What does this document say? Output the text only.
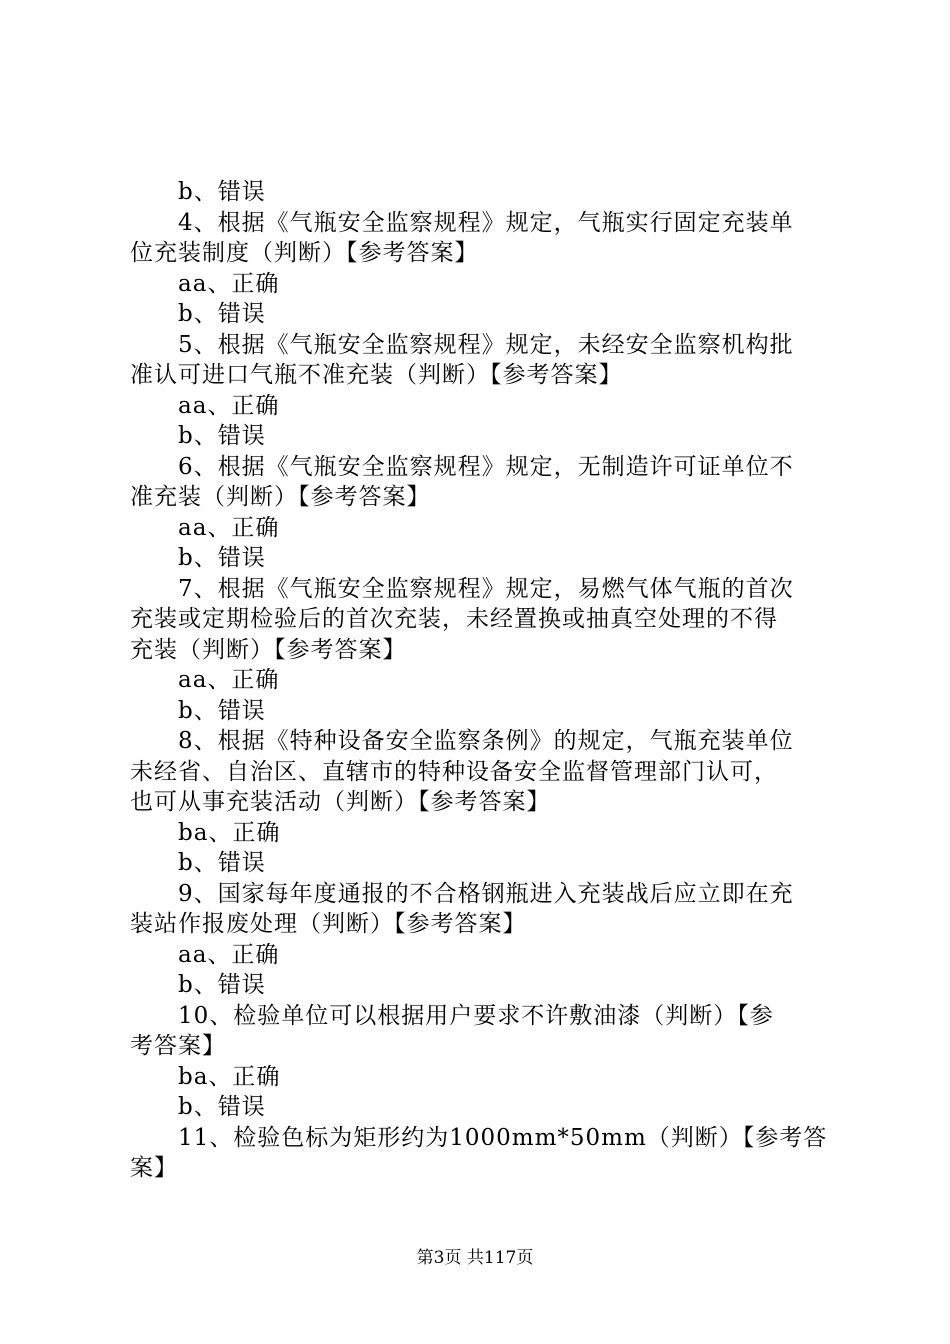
b、错误
4、根据《气瓶安全监察规程》规定，气瓶实行固定充装单
位充装制度（判断）【参考答案】
aa、正确
b、错误
5、根据《气瓶安全监察规程》规定，未经安全监察机构批
准认可进口气瓶不准充装（判断）【参考答案】
aa、正确
b、错误
6、根据《气瓶安全监察规程》规定，无制造许可证单位不
准充装（判断）【参考答案】
aa、正确
b、错误
7、根据《气瓶安全监察规程》规定，易燃气体气瓶的首次
充装或定期检验后的首次充装，未经置换或抽真空处理的不得
充装（判断）【参考答案】
aa、正确
b、错误
8、根据《特种设备安全监察条例》的规定，气瓶充装单位
未经省、自治区、直辖市的特种设备安全监督管理部门认可，
也可从事充装活动（判断）【参考答案】
ba、正确
b、错误
9、国家每年度通报的不合格钢瓶进入充装战后应立即在充
装站作报废处理（判断）【参考答案】
aa、正确
b、错误
10、检验单位可以根据用户要求不许敷油漆（判断）【参
考答案】
ba、正确
b、错误
11、检验色标为矩形约为1000mm*50mm（判断）【参考答
案】
第3页 共117页
